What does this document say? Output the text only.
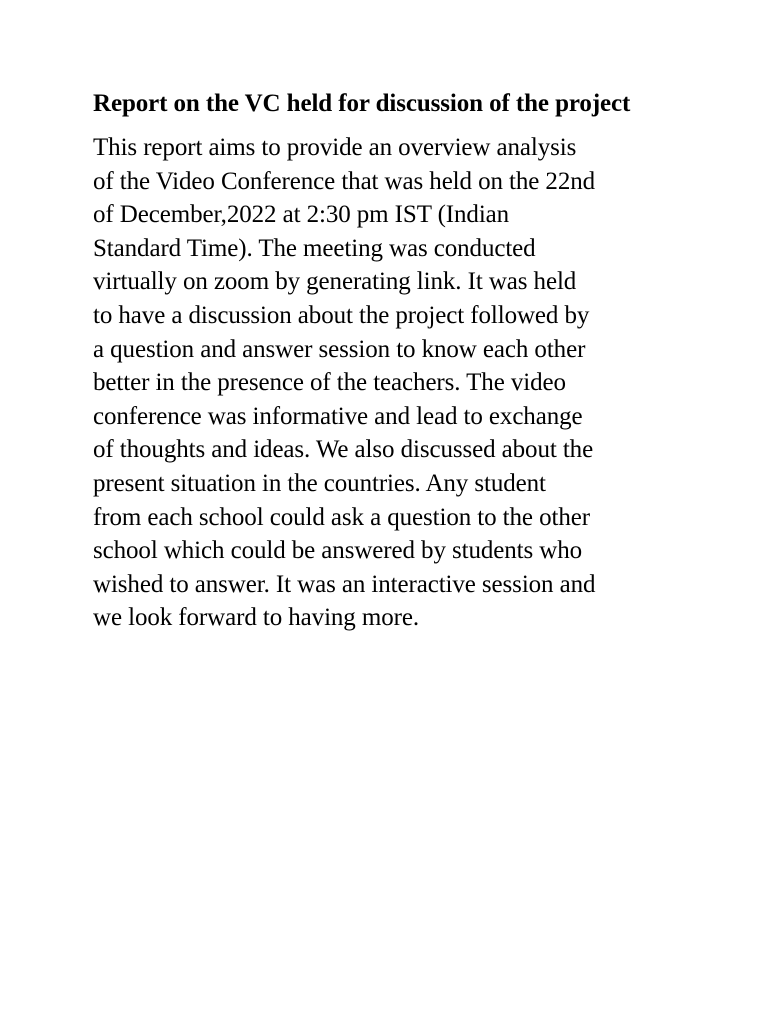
Report on the VC held for discussion of the project
This report aims to provide an overview analysis
of the Video Conference that was held on the 22nd
of December,2022 at 2:30 pm IST (Indian
Standard Time). The meeting was conducted
virtually on zoom by generating link. It was held
to have a discussion about the project followed by
a question and answer session to know each other
better in the presence of the teachers. The video
conference was informative and lead to exchange
of thoughts and ideas. We also discussed about the
present situation in the countries. Any student
from each school could ask a question to the other
school which could be answered by students who
wished to answer. It was an interactive session and
we look forward to having more.
